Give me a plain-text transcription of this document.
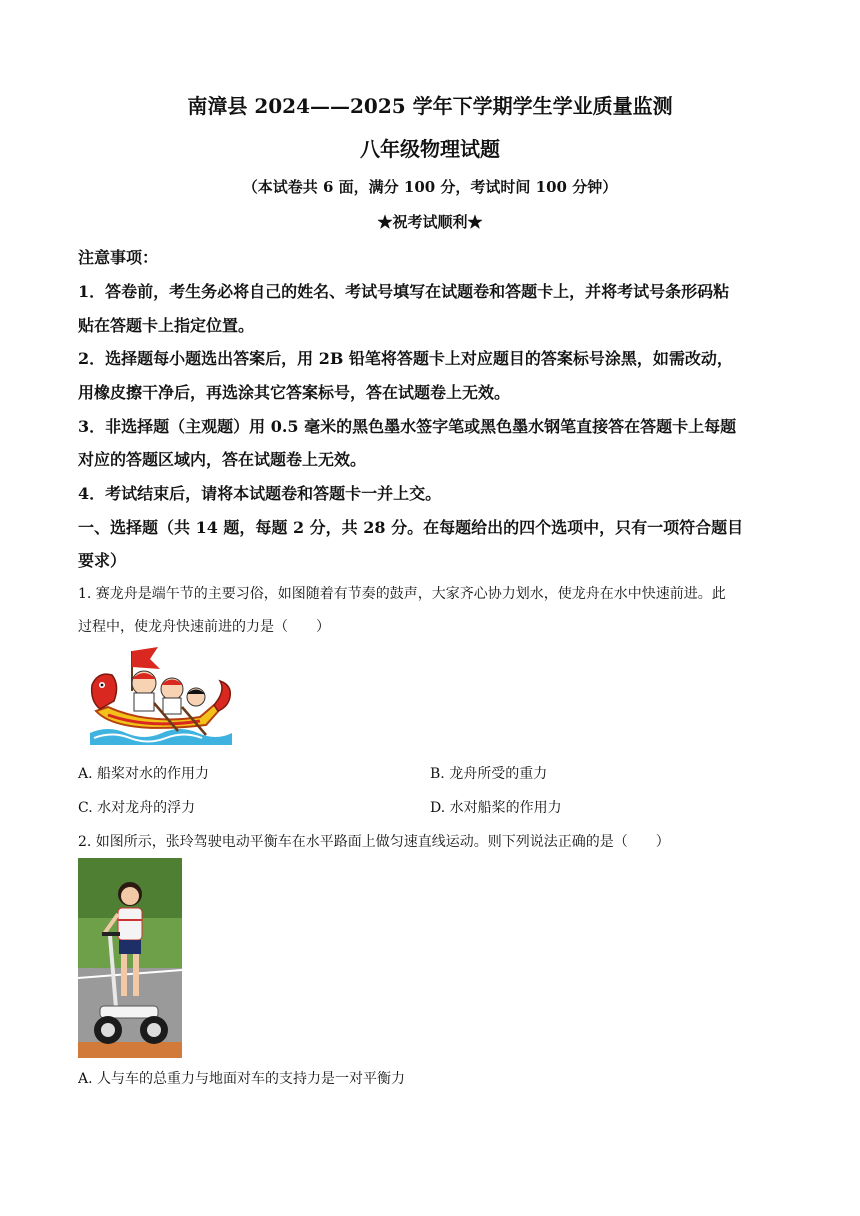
南漳县 2024——2025 学年下学期学生学业质量监测
八年级物理试题
（本试卷共 6 面，满分 100 分，考试时间 100 分钟）
★祝考试顺利★
注意事项：
1．答卷前，考生务必将自己的姓名、考试号填写在试题卷和答题卡上，并将考试号条形码粘
贴在答题卡上指定位置。
2．选择题每小题选出答案后，用 2B 铅笔将答题卡上对应题目的答案标号涂黑，如需改动，
用橡皮擦干净后，再选涂其它答案标号，答在试题卷上无效。
3．非选择题（主观题）用 0.5 毫米的黑色墨水签字笔或黑色墨水钢笔直接答在答题卡上每题
对应的答题区域内，答在试题卷上无效。
4．考试结束后，请将本试题卷和答题卡一并上交。
一、选择题（共 14 题，每题 2 分，共 28 分。在每题给出的四个选项中，只有一项符合题目
要求）
1. 赛龙舟是端午节的主要习俗，如图随着有节奏的鼓声，大家齐心协力划水，使龙舟在水中快速前进。此
过程中，使龙舟快速前进的力是（　　）
A. 船桨对水的作用力	B. 龙舟所受的重力
C. 水对龙舟的浮力	D. 水对船桨的作用力
2. 如图所示，张玲驾驶电动平衡车在水平路面上做匀速直线运动。则下列说法正确的是（　　）
A. 人与车的总重力与地面对车的支持力是一对平衡力
